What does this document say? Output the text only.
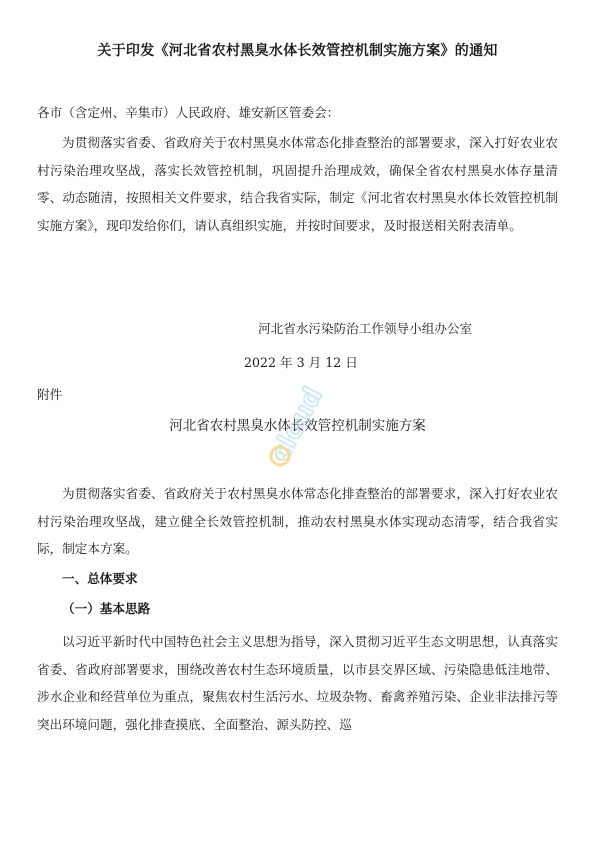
关于印发《河北省农村黑臭水体长效管控机制实施方案》的通知

各市（含定州、辛集市）人民政府、雄安新区管委会：

为贯彻落实省委、省政府关于农村黑臭水体常态化排查整治的部署要求，深入打好农业农村污染治理攻坚战，落实长效管控机制，巩固提升治理成效，确保全省农村黑臭水体存量清零、动态随清，按照相关文件要求，结合我省实际，制定《河北省农村黑臭水体长效管控机制实施方案》，现印发给你们，请认真组织实施，并按时间要求，及时报送相关附表清单。

河北省水污染防治工作领导小组办公室
2022 年 3 月 12 日
附件
河北省农村黑臭水体长效管控机制实施方案

为贯彻落实省委、省政府关于农村黑臭水体常态化排查整治的部署要求，深入打好农业农村污染治理攻坚战，建立健全长效管控机制，推动农村黑臭水体实现动态清零，结合我省实际，制定本方案。

一、总体要求
（一）基本思路

以习近平新时代中国特色社会主义思想为指导，深入贯彻习近平生态文明思想，认真落实省委、省政府部署要求，围绕改善农村生态环境质量，以市县交界区域、污染隐患低洼地带、涉水企业和经营单位为重点，聚焦农村生活污水、垃圾杂物、畜禽养殖污染、企业非法排污等突出环境问题，强化排查摸底、全面整治、源头防控、巡

cloud
